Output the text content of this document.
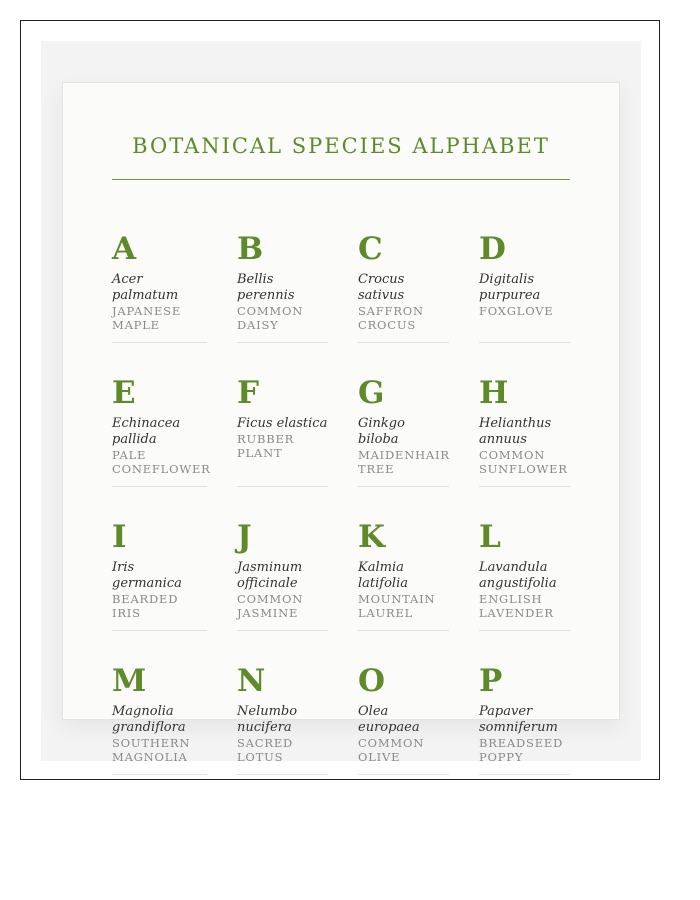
BOTANICAL SPECIES ALPHABET
A
Acer palmatum
JAPANESE MAPLE
B
Bellis perennis
COMMON DAISY
C
Crocus sativus
SAFFRON CROCUS
D
Digitalis purpurea
FOXGLOVE
E
Echinacea pallida
PALE CONEFLOWER
F
Ficus elastica
RUBBER PLANT
G
Ginkgo biloba
MAIDENHAIR TREE
H
Helianthus annuus
COMMON SUNFLOWER
I
Iris germanica
BEARDED IRIS
J
Jasminum officinale
COMMON JASMINE
K
Kalmia latifolia
MOUNTAIN LAUREL
L
Lavandula angustifolia
ENGLISH LAVENDER
M
Magnolia grandiflora
SOUTHERN MAGNOLIA
N
Nelumbo nucifera
SACRED LOTUS
O
Olea europaea
COMMON OLIVE
P
Papaver somniferum
BREADSEED POPPY
